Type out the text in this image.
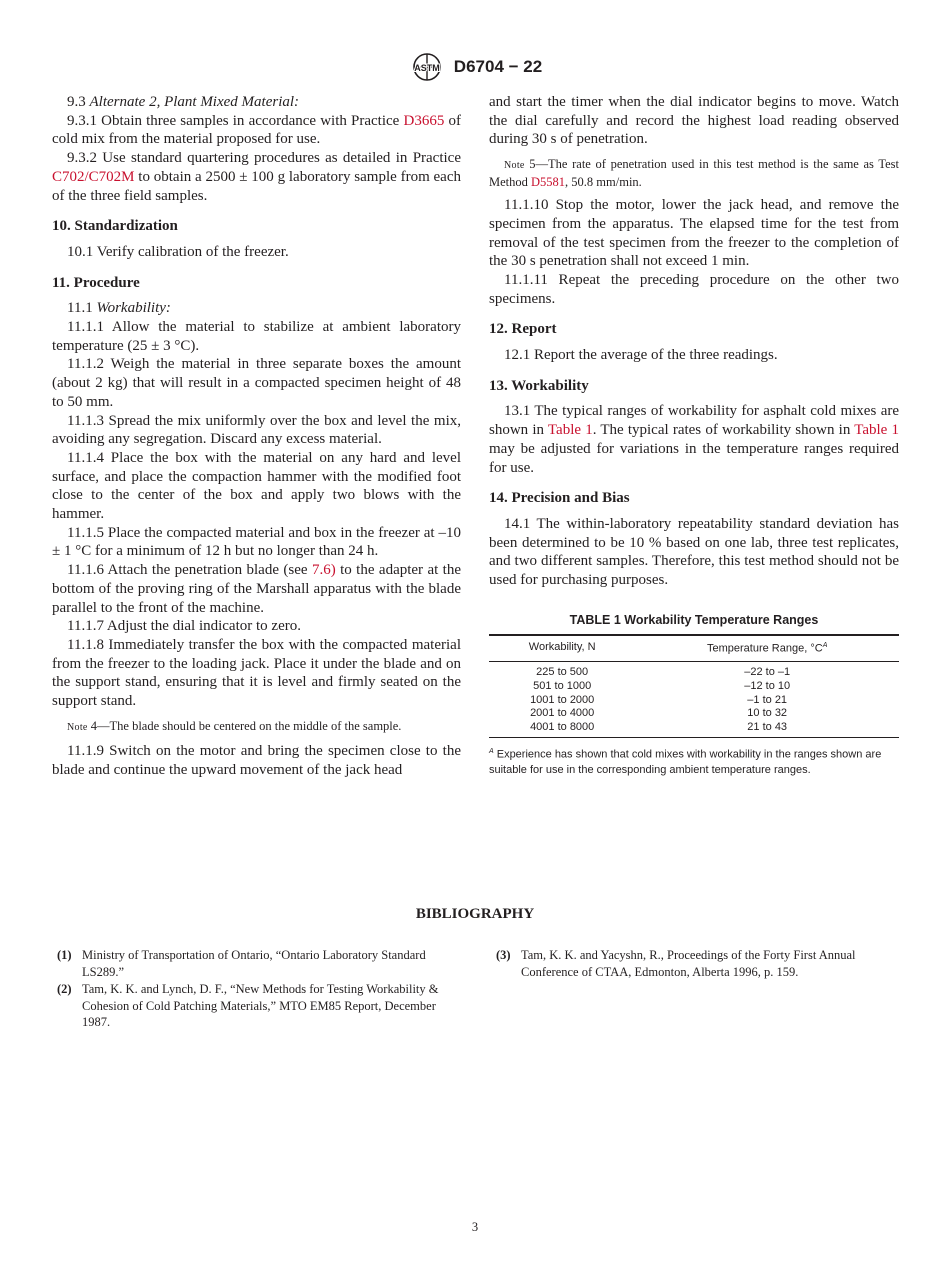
ASTM D6704 − 22

9.3 Alternate 2, Plant Mixed Material:

9.3.1 Obtain three samples in accordance with Practice D3665 of cold mix from the material proposed for use.

9.3.2 Use standard quartering procedures as detailed in Practice C702/C702M to obtain a 2500 ± 100 g laboratory sample from each of the three field samples.

10. Standardization

10.1 Verify calibration of the freezer.

11. Procedure

11.1 Workability:

11.1.1 Allow the material to stabilize at ambient laboratory temperature (25 ± 3 °C).

11.1.2 Weigh the material in three separate boxes the amount (about 2 kg) that will result in a compacted specimen height of 48 to 50 mm.

11.1.3 Spread the mix uniformly over the box and level the mix, avoiding any segregation. Discard any excess material.

11.1.4 Place the box with the material on any hard and level surface, and place the compaction hammer with the modified foot close to the center of the box and apply two blows with the hammer.

11.1.5 Place the compacted material and box in the freezer at –10 ± 1 °C for a minimum of 12 h but no longer than 24 h.

11.1.6 Attach the penetration blade (see 7.6) to the adapter at the bottom of the proving ring of the Marshall apparatus with the blade parallel to the front of the machine.

11.1.7 Adjust the dial indicator to zero.

11.1.8 Immediately transfer the box with the compacted material from the freezer to the loading jack. Place it under the blade and on the support stand, ensuring that it is level and firmly seated on the support stand.

Note 4—The blade should be centered on the middle of the sample.

11.1.9 Switch on the motor and bring the specimen close to the blade and continue the upward movement of the jack head

and start the timer when the dial indicator begins to move. Watch the dial carefully and record the highest load reading observed during 30 s of penetration.

Note 5—The rate of penetration used in this test method is the same as Test Method D5581, 50.8 mm/min.

11.1.10 Stop the motor, lower the jack head, and remove the specimen from the apparatus. The elapsed time for the test from removal of the test specimen from the freezer to the completion of the 30 s penetration shall not exceed 1 min.

11.1.11 Repeat the preceding procedure on the other two specimens.

12. Report

12.1 Report the average of the three readings.

13. Workability

13.1 The typical ranges of workability for asphalt cold mixes are shown in Table 1. The typical rates of workability shown in Table 1 may be adjusted for variations in the temperature ranges required for use.

14. Precision and Bias

14.1 The within-laboratory repeatability standard deviation has been determined to be 10 % based on one lab, three test replicates, and two different samples. Therefore, this test method should not be used for purchasing purposes.

TABLE 1 Workability Temperature Ranges
Workability, N	Temperature Range, $^\circ C^A$
225 to 500	–22 to –1
501 to 1000	–12 to 10
1001 to 2000	–1 to 21
2001 to 4000	10 to 32
4001 to 8000	21 to 43

$^A$ Experience has shown that cold mixes with workability in the ranges shown are suitable for use in the corresponding ambient temperature ranges.

BIBLIOGRAPHY
(1) Ministry of Transportation of Ontario, “Ontario Laboratory Standard LS289.”
(2) Tam, K. K. and Lynch, D. F., “New Methods for Testing Workability & Cohesion of Cold Patching Materials,” MTO EM85 Report, December 1987.
(3) Tam, K. K. and Yacyshn, R., Proceedings of the Forty First Annual Conference of CTAA, Edmonton, Alberta 1996, p. 159.
3
